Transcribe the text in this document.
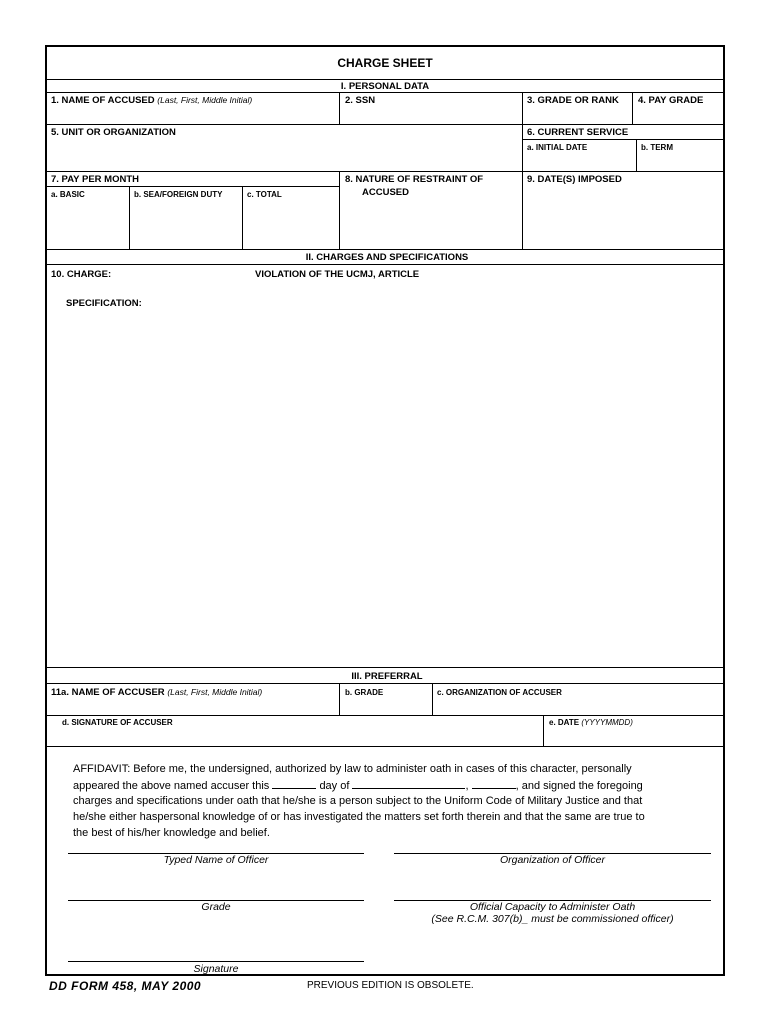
CHARGE SHEET
I. PERSONAL DATA
1. NAME OF ACCUSED (Last, First, Middle Initial)	2. SSN	3. GRADE OR RANK 4. PAY GRADE
5. UNIT OR ORGANIZATION	6. CURRENT SERVICE
a. INITIAL DATE	b. TERM
7. PAY PER MONTH
a. BASIC	b. SEA/FOREIGN DUTY	c. TOTAL
8. NATURE OF RESTRAINT OF
ACCUSED
9. DATE(S) IMPOSED
II. CHARGES AND SPECIFICATIONS
10. CHARGE:	VIOLATION OF THE UCMJ, ARTICLE
SPECIFICATION:
III. PREFERRAL
11a. NAME OF ACCUSER (Last, First, Middle Initial)	b. GRADE	c. ORGANIZATION OF ACCUSER
d. SIGNATURE OF ACCUSER	e. DATE (YYYYMMDD)
AFFIDAVIT: Before me, the undersigned, authorized by law to administer oath in cases of this character, personally
appeared the above named accuser this	day of	,	, and signed the foregoing
charges and specifications under oath that he/she is a person subject to the Uniform Code of Military Justice and that
he/she either haspersonal knowledge of or has investigated the matters set forth therein and that the same are true to
the best of his/her knowledge and belief.
Typed Name of Officer	Organization of Officer
Grade	Official Capacity to Administer Oath
(See R.C.M. 307(b)_ must be commissioned officer)
Signature
DD FORM 458, MAY 2000	PREVIOUS EDITION IS OBSOLETE.
